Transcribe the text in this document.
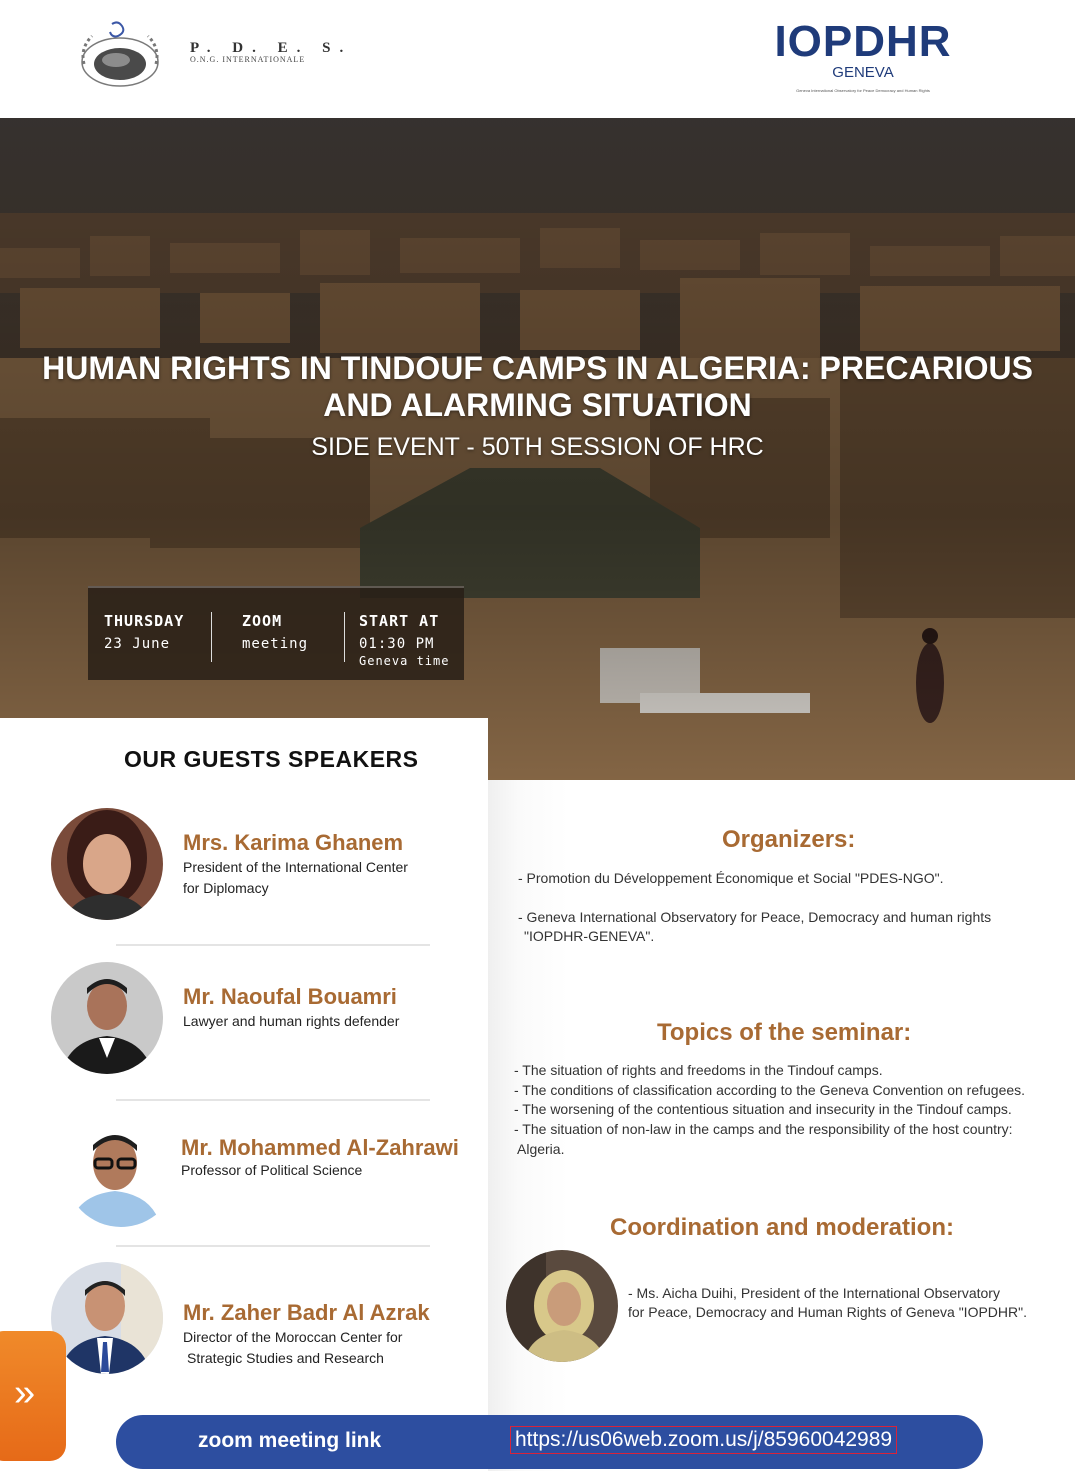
P. D. E. S.
O.N.G. INTERNATIONALE	IOPDHR
GENEVA
Geneva International Observatory for Peace Democracy and Human Rights
HUMAN RIGHTS IN TINDOUF CAMPS IN ALGERIA: PRECARIOUS
AND ALARMING SITUATION
SIDE EVENT - 50TH SESSION OF HRC
THURSDAY
23 June
ZOOM
meeting
START AT
01:30 PM
Geneva time
Organizers:
- Promotion du Développement Économique et Social "PDES-NGO".
- Geneva International Observatory for Peace, Democracy and human rights
"IOPDHR-GENEVA".
Topics of the seminar:
- The situation of rights and freedoms in the Tindouf camps.
- The conditions of classification according to the Geneva Convention on refugees.
- The worsening of the contentious situation and insecurity in the Tindouf camps.
- The situation of non-law in the camps and the responsibility of the host country:
Algeria.
Coordination and moderation:
- Ms. Aicha Duihi, President of the International Observatory
for Peace, Democracy and Human Rights of Geneva "IOPDHR".
OUR GUESTS SPEAKERS
Mrs. Karima Ghanem
President of the International Center
for Diplomacy
Mr. Naoufal Bouamri
Lawyer and human rights defender
Mr. Mohammed Al-Zahrawi
Professor of Political Science
Mr. Zaher Badr Al Azrak
Director of the Moroccan Center for
Strategic Studies and Research
zoom meeting link	https://us06web.zoom.us/j/85960042989
»
